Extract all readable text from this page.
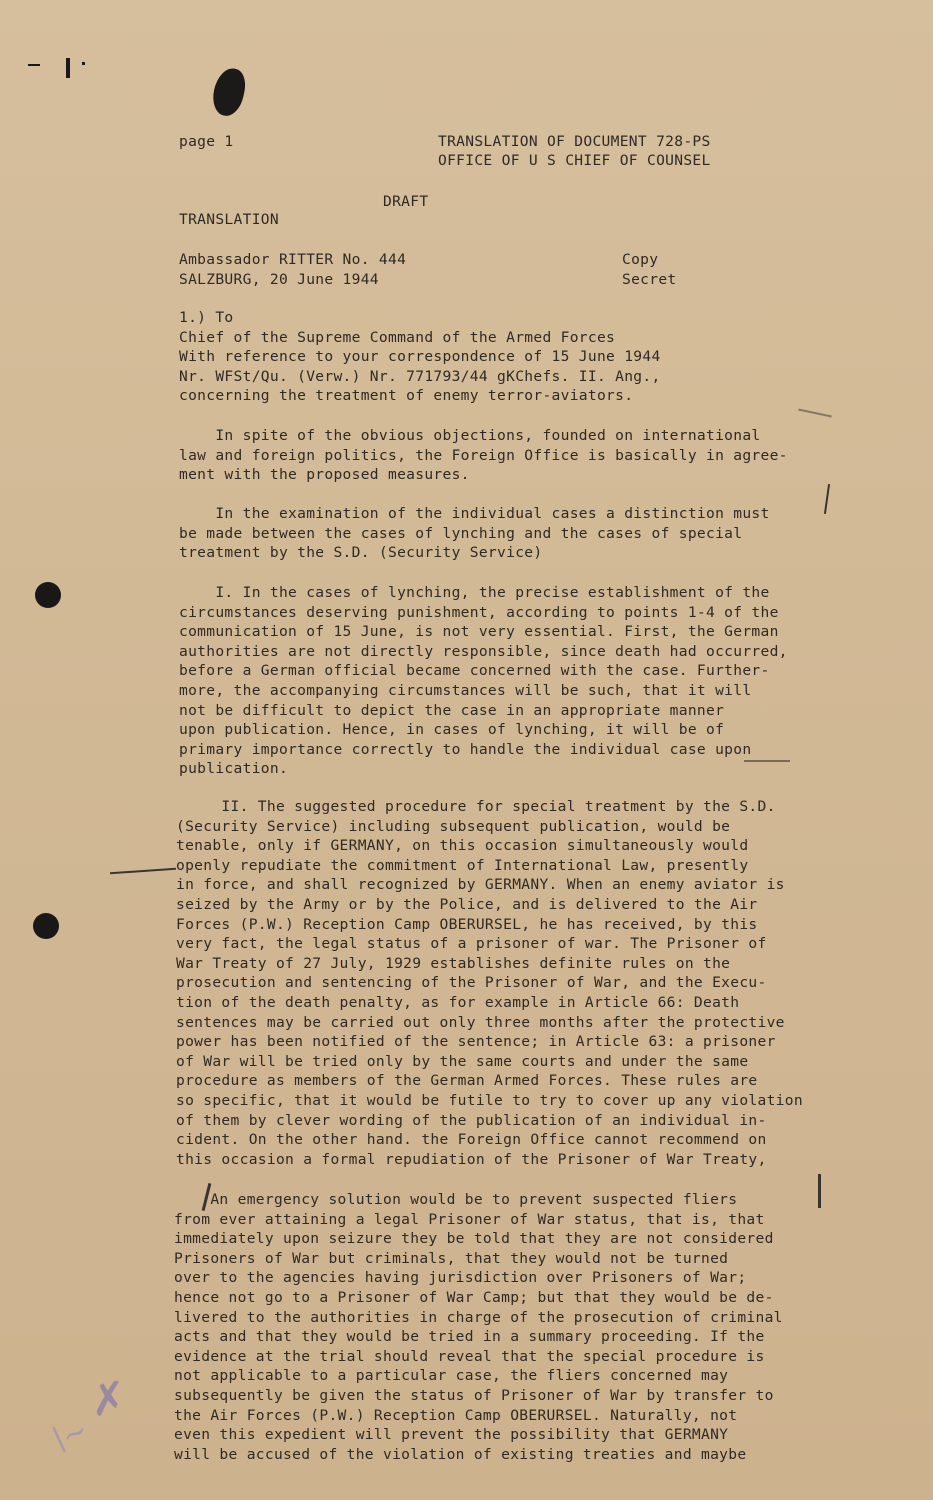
✗
∣∼
page 1	TRANSLATION OF DOCUMENT 728-PS
OFFICE OF U S CHIEF OF COUNSEL
DRAFT
TRANSLATION
Ambassador RITTER No. 444
SALZBURG, 20 June 1944
Copy
Secret
1.) To
Chief of the Supreme Command of the Armed Forces
With reference to your correspondence of 15 June 1944
Nr. WFSt/Qu. (Verw.) Nr. 771793/44 gKChefs. II. Ang.,
concerning the treatment of enemy terror-aviators.
In spite of the obvious objections, founded on international
law and foreign politics, the Foreign Office is basically in agree-
ment with the proposed measures.
In the examination of the individual cases a distinction must
be made between the cases of lynching and the cases of special
treatment by the S.D. (Security Service)
I. In the cases of lynching, the precise establishment of the
circumstances deserving punishment, according to points 1-4 of the
communication of 15 June, is not very essential. First, the German
authorities are not directly responsible, since death had occurred,
before a German official became concerned with the case. Further-
more, the accompanying circumstances will be such, that it will
not be difficult to depict the case in an appropriate manner
upon publication. Hence, in cases of lynching, it will be of
primary importance correctly to handle the individual case upon
publication.
II. The suggested procedure for special treatment by the S.D.
(Security Service) including subsequent publication, would be
tenable, only if GERMANY, on this occasion simultaneously would
openly repudiate the commitment of International Law, presently
in force, and shall recognized by GERMANY. When an enemy aviator is
seized by the Army or by the Police, and is delivered to the Air
Forces (P.W.) Reception Camp OBERURSEL, he has received, by this
very fact, the legal status of a prisoner of war. The Prisoner of
War Treaty of 27 July, 1929 establishes definite rules on the
prosecution and sentencing of the Prisoner of War, and the Execu-
tion of the death penalty, as for example in Article 66: Death
sentences may be carried out only three months after the protective
power has been notified of the sentence; in Article 63: a prisoner
of War will be tried only by the same courts and under the same
procedure as members of the German Armed Forces. These rules are
so specific, that it would be futile to try to cover up any violation
of them by clever wording of the publication of an individual in-
cident. On the other hand. the Foreign Office cannot recommend on
this occasion a formal repudiation of the Prisoner of War Treaty,
An emergency solution would be to prevent suspected fliers
from ever attaining a legal Prisoner of War status, that is, that
immediately upon seizure they be told that they are not considered
Prisoners of War but criminals, that they would not be turned
over to the agencies having jurisdiction over Prisoners of War;
hence not go to a Prisoner of War Camp; but that they would be de-
livered to the authorities in charge of the prosecution of criminal
acts and that they would be tried in a summary proceeding. If the
evidence at the trial should reveal that the special procedure is
not applicable to a particular case, the fliers concerned may
subsequently be given the status of Prisoner of War by transfer to
the Air Forces (P.W.) Reception Camp OBERURSEL. Naturally, not
even this expedient will prevent the possibility that GERMANY
will be accused of the violation of existing treaties and maybe
